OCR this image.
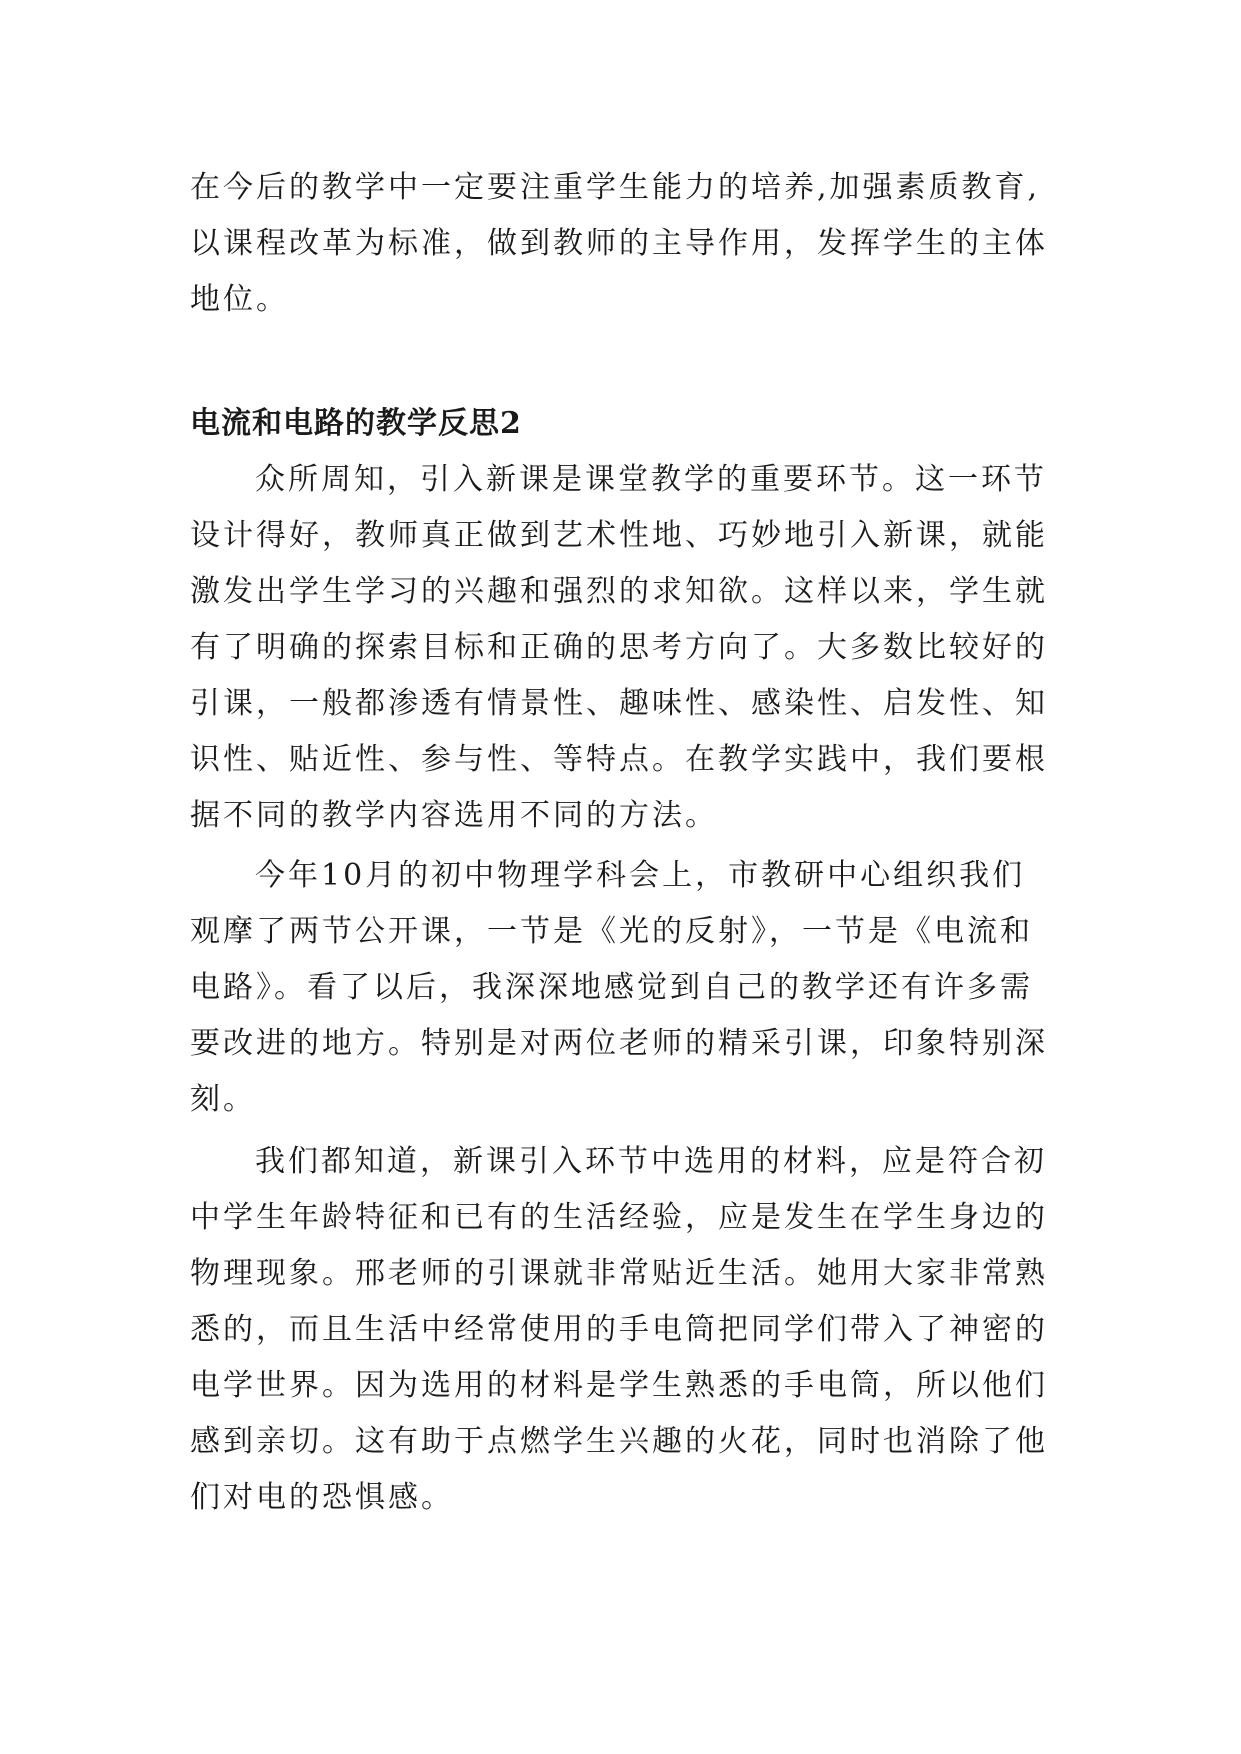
在今后的教学中一定要注重学生能力的培养,加强素质教育,

以课程改革为标准，做到教师的主导作用，发挥学生的主体

地位。

电流和电路的教学反思2

众所周知，引入新课是课堂教学的重要环节。这一环节

设计得好，教师真正做到艺术性地、巧妙地引入新课，就能

激发出学生学习的兴趣和强烈的求知欲。这样以来，学生就

有了明确的探索目标和正确的思考方向了。大多数比较好的

引课，一般都渗透有情景性、趣味性、感染性、启发性、知

识性、贴近性、参与性、等特点。在教学实践中，我们要根

据不同的教学内容选用不同的方法。

今年10月的初中物理学科会上，市教研中心组织我们

观摩了两节公开课，一节是《光的反射》，一节是《电流和

电路》。看了以后，我深深地感觉到自己的教学还有许多需

要改进的地方。特别是对两位老师的精采引课，印象特别深

刻。

我们都知道，新课引入环节中选用的材料，应是符合初

中学生年龄特征和已有的生活经验，应是发生在学生身边的

物理现象。邢老师的引课就非常贴近生活。她用大家非常熟

悉的，而且生活中经常使用的手电筒把同学们带入了神密的

电学世界。因为选用的材料是学生熟悉的手电筒，所以他们

感到亲切。这有助于点燃学生兴趣的火花，同时也消除了他

们对电的恐惧感。
